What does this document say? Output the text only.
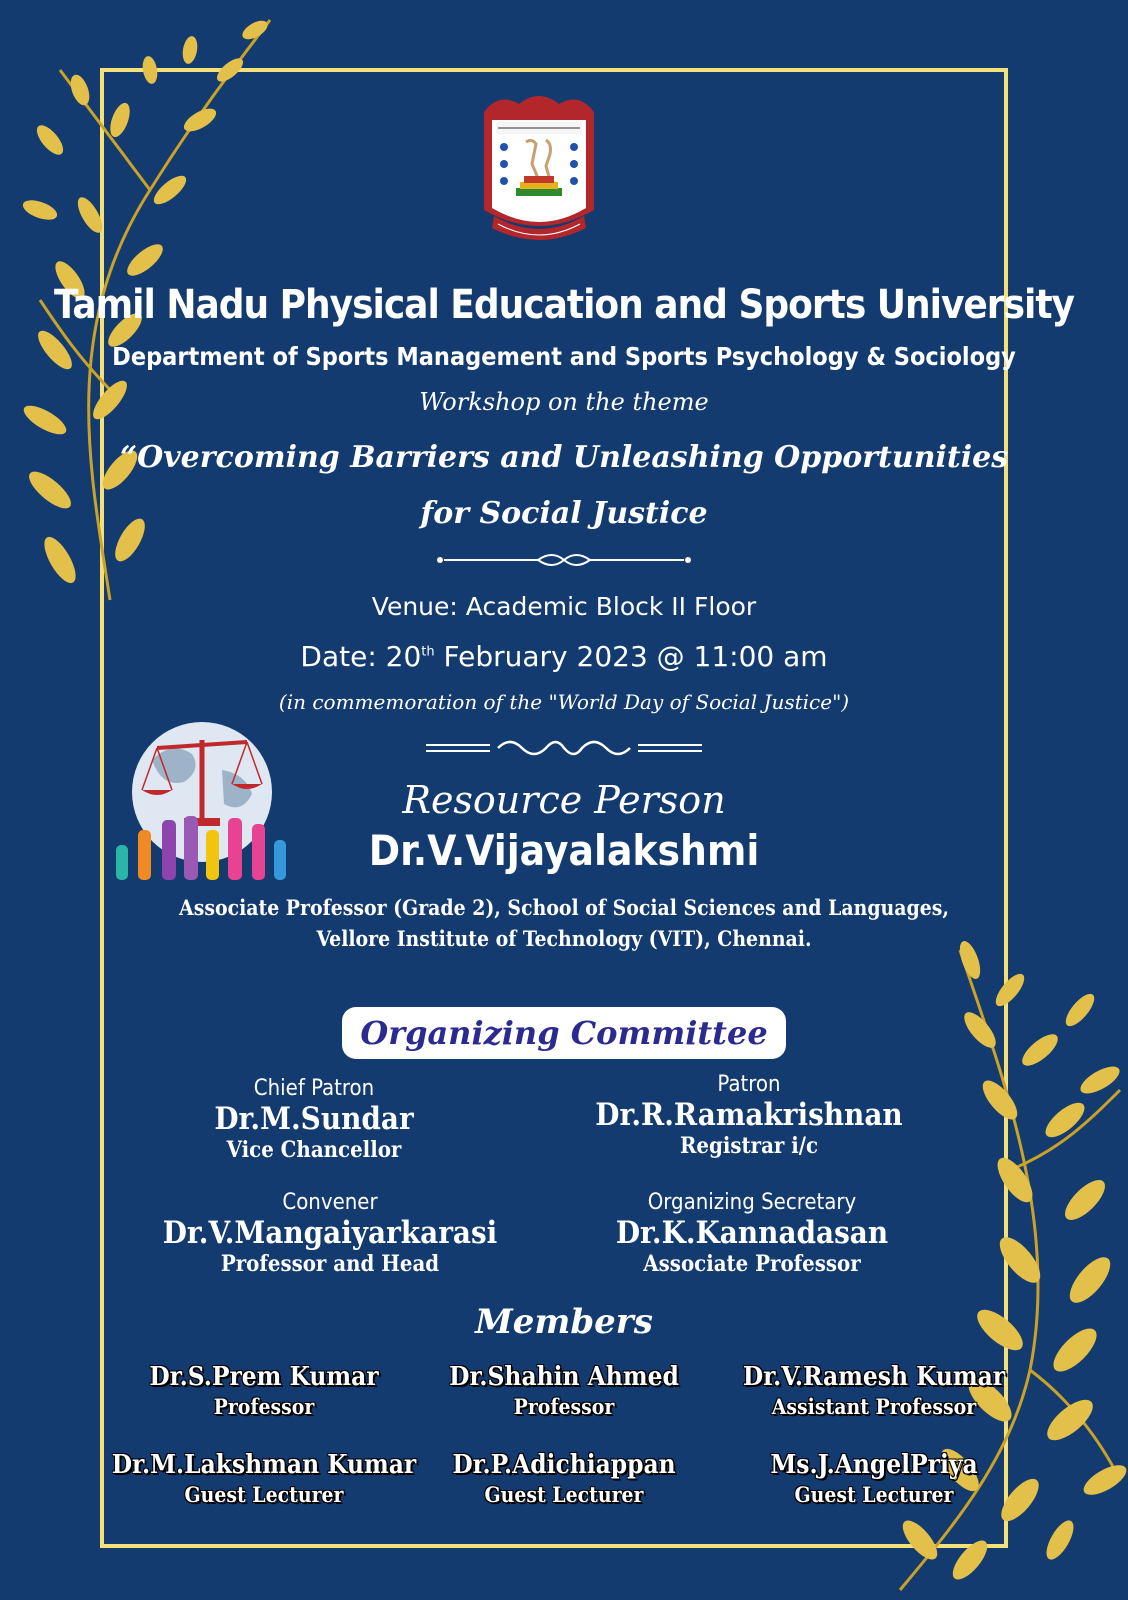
Tamil Nadu Physical Education and Sports University
Department of Sports Management and Sports Psychology & Sociology
Workshop on the theme
“Overcoming Barriers and Unleashing Opportunities
for Social Justice
Venue: Academic Block II Floor
Date: 20th February 2023 @ 11:00 am
(in commemoration of the "World Day of Social Justice")
Resource Person
Dr.V.Vijayalakshmi
Associate Professor (Grade 2), School of Social Sciences and Languages,
Vellore Institute of Technology (VIT), Chennai.
Organizing Committee
Chief Patron
Dr.M.Sundar
Vice Chancellor
Patron
Dr.R.Ramakrishnan
Registrar i/c
Convener
Dr.V.Mangaiyarkarasi
Professor and Head
Organizing Secretary
Dr.K.Kannadasan
Associate Professor
Members
Dr.S.Prem Kumar
Professor
Dr.Shahin Ahmed
Professor
Dr.V.Ramesh Kumar
Assistant Professor
Dr.M.Lakshman Kumar
Guest Lecturer
Dr.P.Adichiappan
Guest Lecturer
Ms.J.AngelPriya
Guest Lecturer
